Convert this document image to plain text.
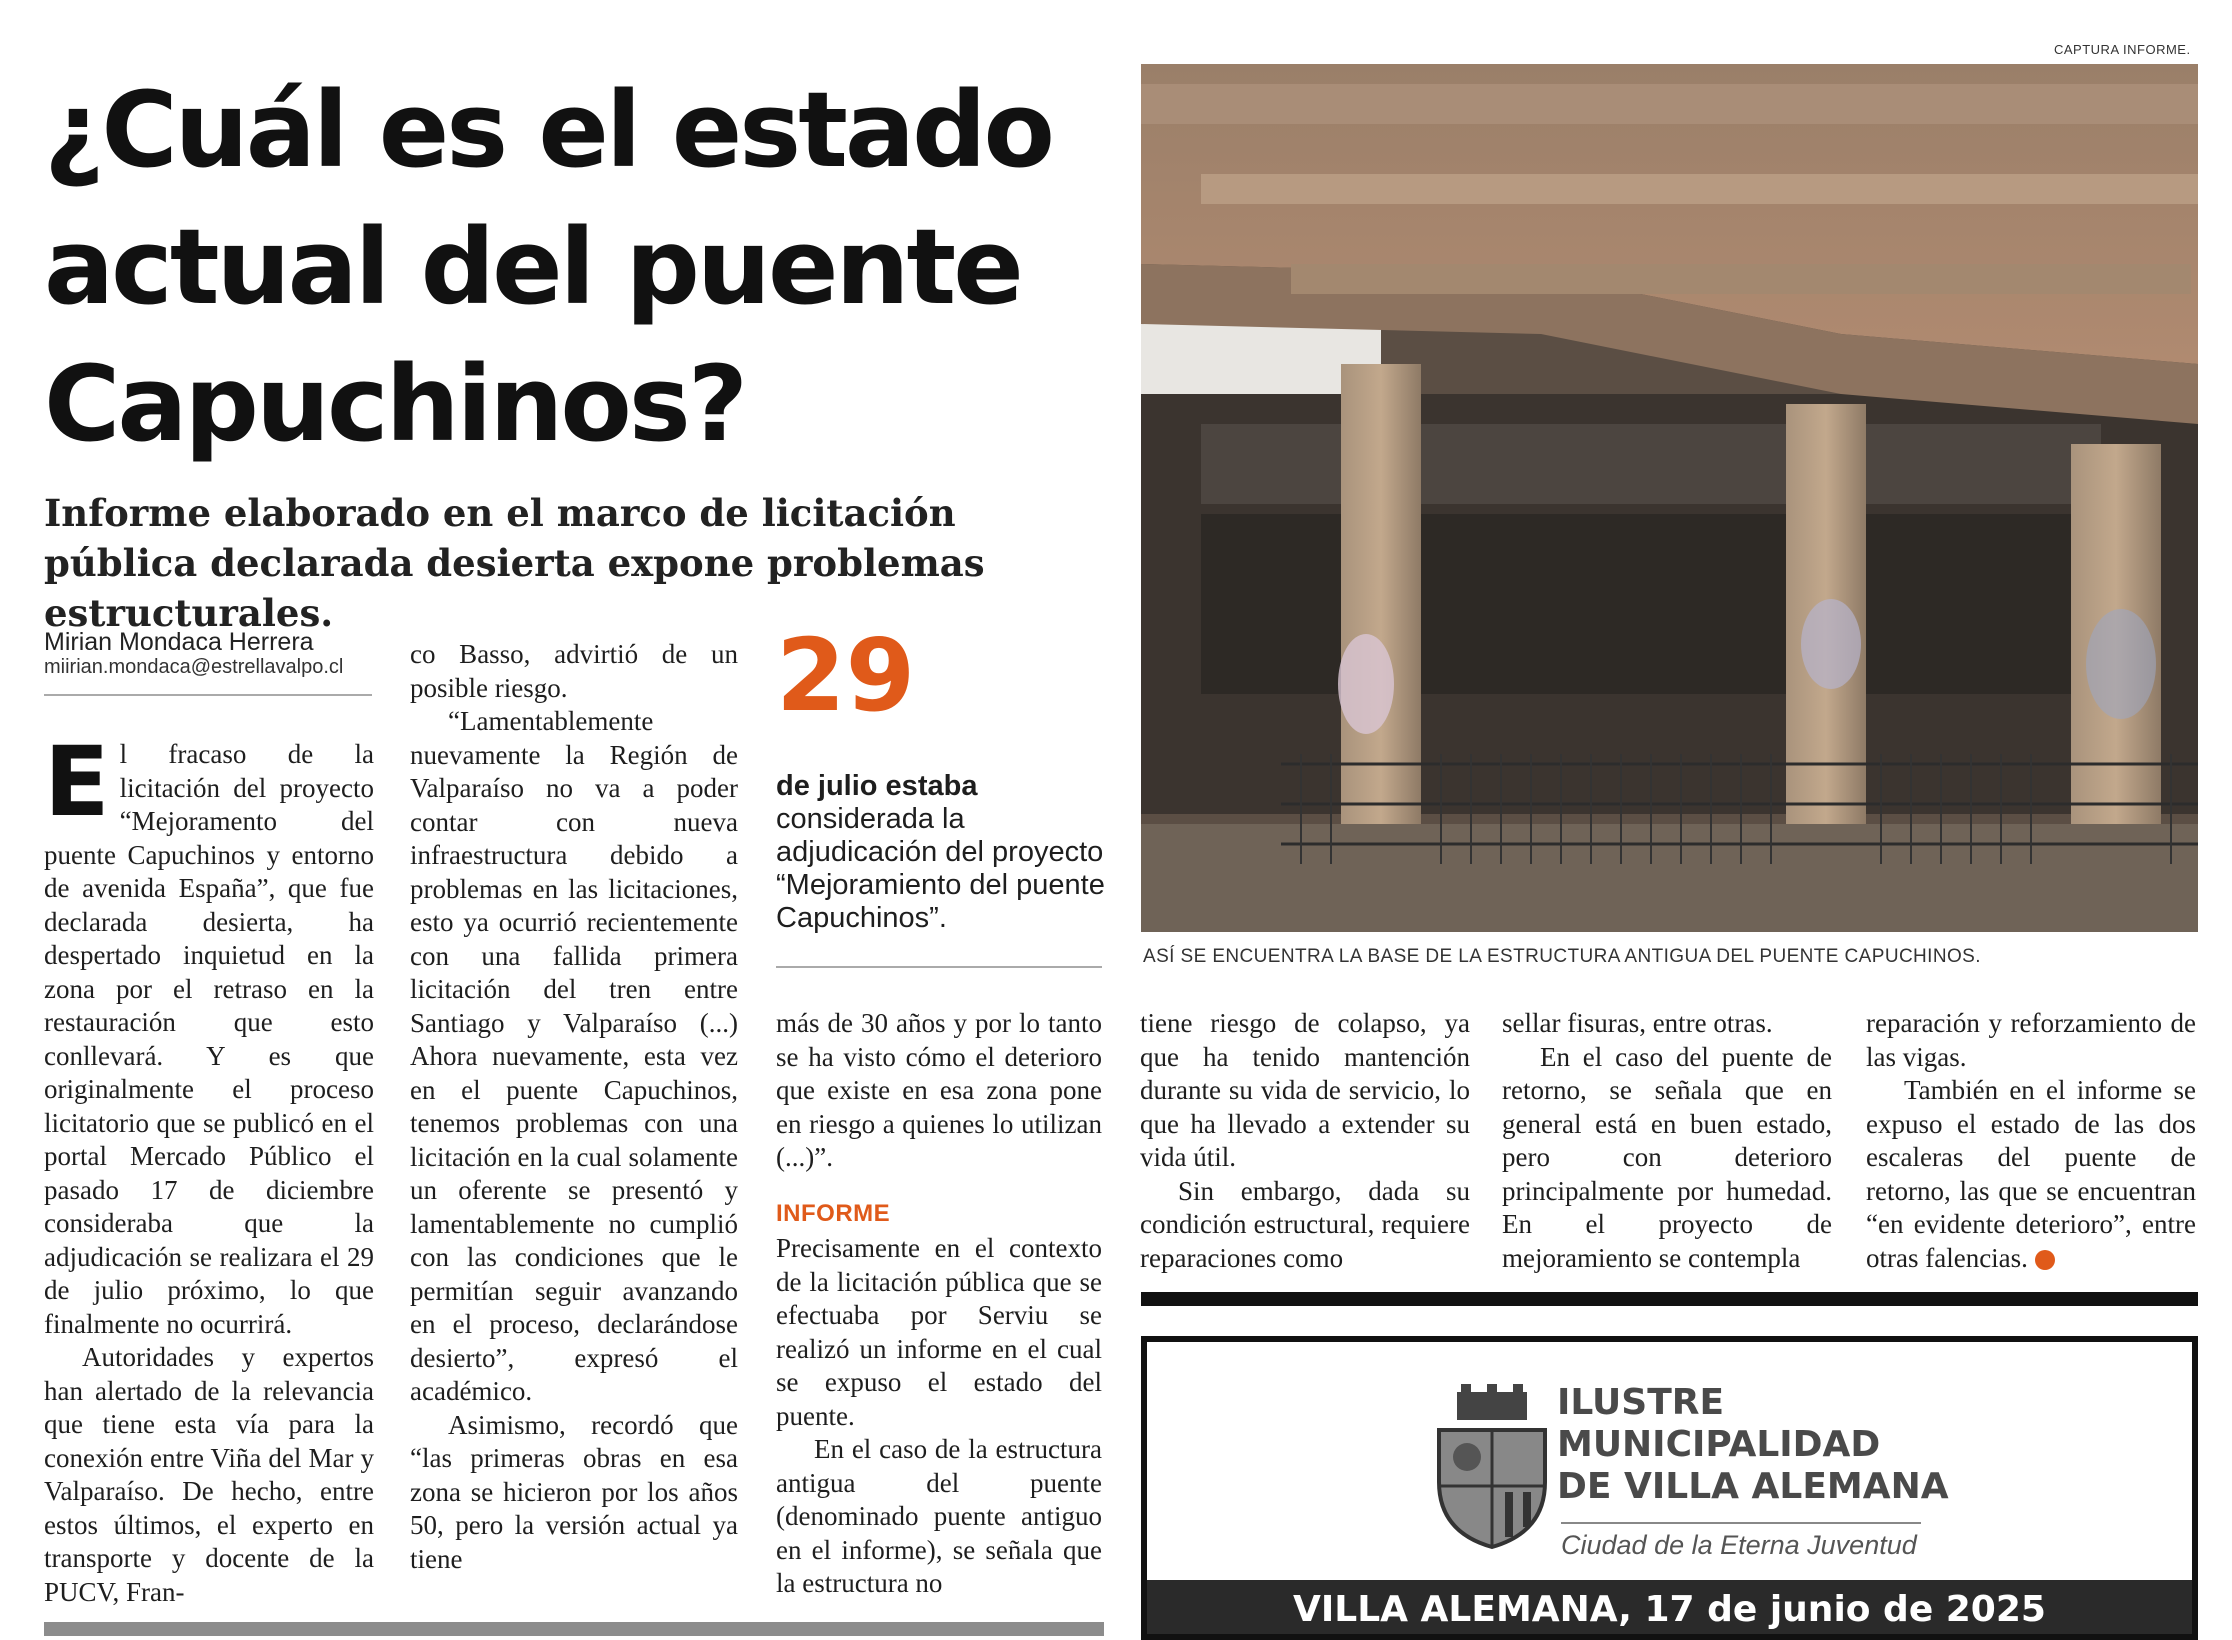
¿Cuál es el estado actual del puente Capuchinos?
Informe elaborado en el marco de licitación pública declarada desierta expone problemas estructurales.
Mirian Mondaca Herrera
miirian.mondaca@estrellavalpo.cl
E l fracaso de la licitación del proyecto “Mejoramento del puente Capuchinos y entorno de avenida España”, que fue declarada desierta, ha despertado inquietud en la zona por el retraso en la restauración que esto conllevará. Y es que originalmente el proceso licitatorio que se publicó en el portal Mercado Público el pasado 17 de diciembre consideraba que la adjudicación se realizara el 29 de julio próximo, lo que finalmente no ocurrirá.

Autoridades y expertos han alertado de la relevancia que tiene esta vía para la conexión entre Viña del Mar y Valparaíso. De hecho, entre estos últimos, el experto en transporte y docente de la PUCV, Fran-

co Basso, advirtió de un posible riesgo.

“Lamentablemente nuevamente la Región de Valparaíso no va a poder contar con nueva infraestructura debido a problemas en las licitaciones, esto ya ocurrió recientemente con una fallida primera licitación del tren entre Santiago y Valparaíso (...) Ahora nuevamente, esta vez en el puente Capuchinos, tenemos problemas con una licitación en la cual solamente un oferente se presentó y lamentablemente no cumplió con las condiciones que le permitían seguir avanzando en el proceso, declarándose desierto”, expresó el académico.

Asimismo, recordó que “las primeras obras en esa zona se hicieron por los años 50, pero la versión actual ya tiene

29
de julio estaba considerada la adjudicación del proyecto “Mejoramiento del puente Capuchinos”.

más de 30 años y por lo tanto se ha visto cómo el deterioro que existe en esa zona pone en riesgo a quienes lo utilizan (...)”.

INFORME

Precisamente en el contexto de la licitación pública que se efectuaba por Serviu se realizó un informe en el cual se expuso el estado del puente.

En el caso de la estructura antigua del puente (denominado puente antiguo en el informe), se señala que la estructura no

tiene riesgo de colapso, ya que ha tenido mantención durante su vida de servicio, lo que ha llevado a extender su vida útil.

Sin embargo, dada su condición estructural, requiere reparaciones como

sellar fisuras, entre otras.

En el caso del puente de retorno, se señala que en general está en buen estado, pero con deterioro principalmente por humedad. En el proyecto de mejoramiento se contempla

reparación y reforzamiento de las vigas.

También en el informe se expuso el estado de las dos escaleras del puente de retorno, las que se encuentran “en evidente deterioro”, entre otras falencias.	✕

CAPTURA INFORME.
ASÍ SE ENCUENTRA LA BASE DE LA ESTRUCTURA ANTIGUA DEL PUENTE CAPUCHINOS.
ILUSTRE
MUNICIPALIDAD
DE VILLA ALEMANA
Ciudad de la Eterna Juventud
VILLA ALEMANA, 17 de junio de 2025
